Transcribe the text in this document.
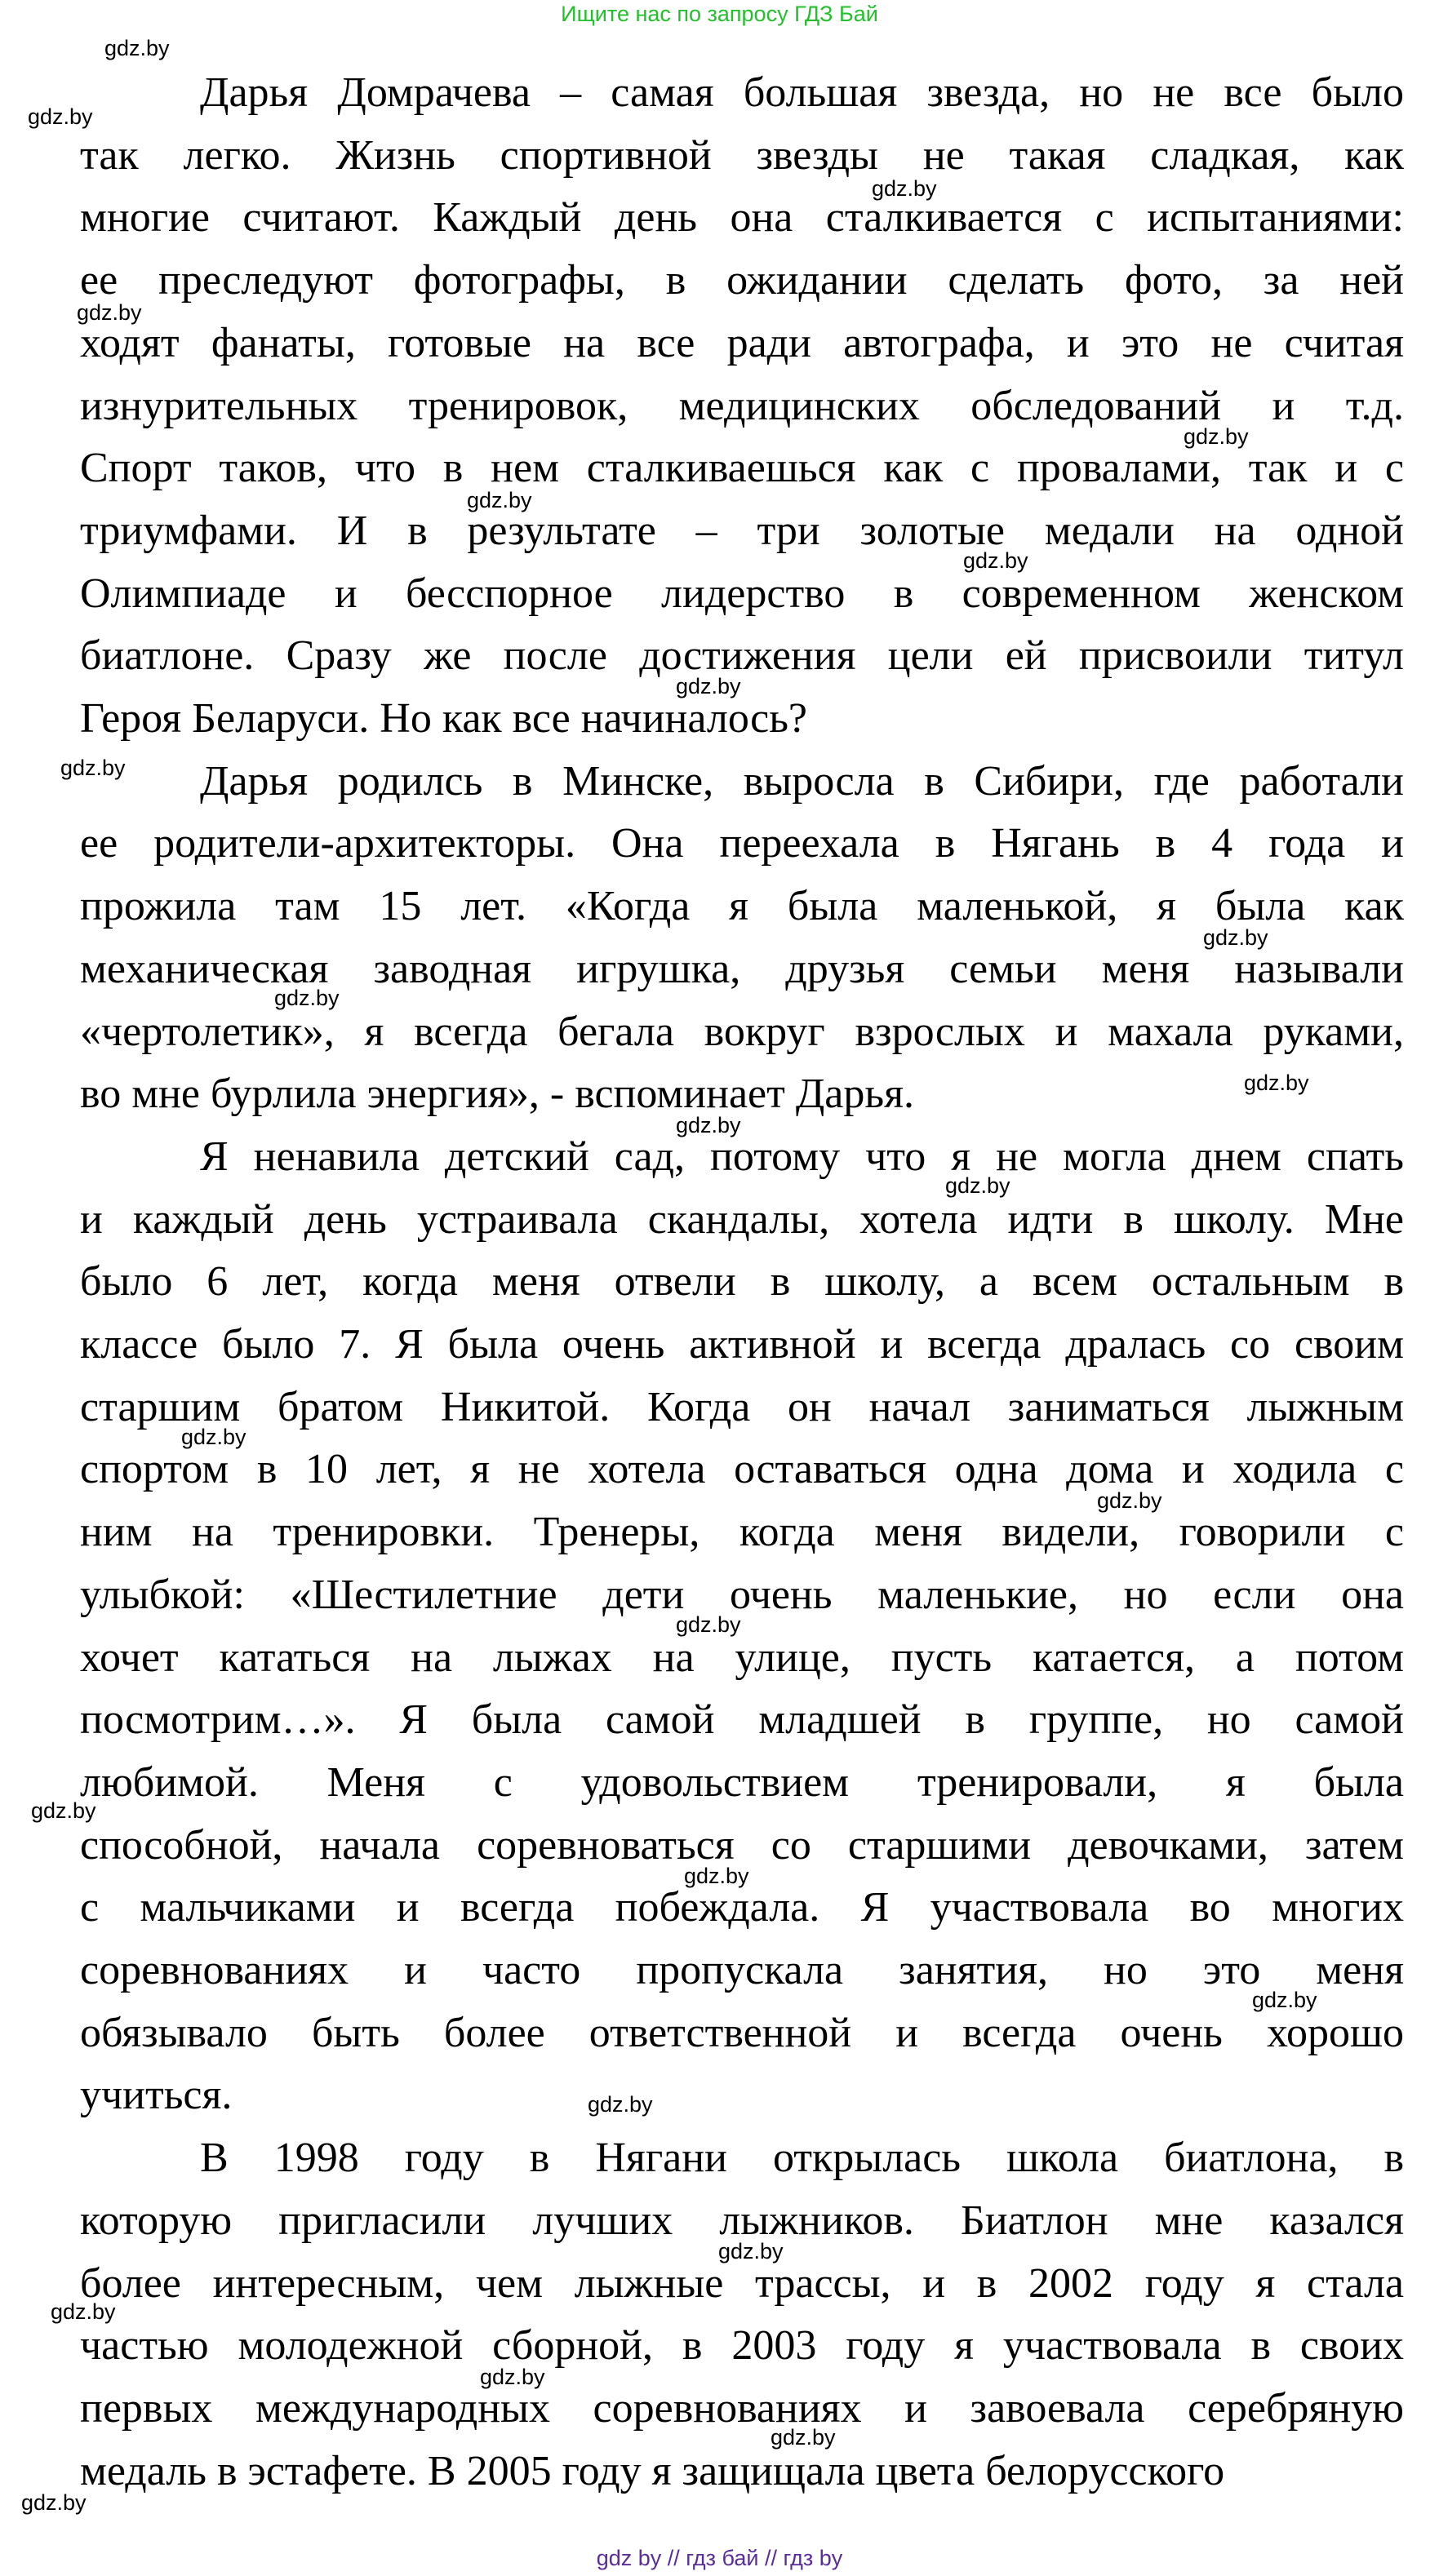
Ищите нас по запросу ГДЗ Бай
Дарья Домрачева – самая большая звезда, но не все было
так легко. Жизнь спортивной звезды не такая сладкая, как
многие считают. Каждый день она сталкивается с испытаниями:
ее преследуют фотографы, в ожидании сделать фото, за ней
ходят фанаты, готовые на все ради автографа, и это не считая
изнурительных тренировок, медицинских обследований и т.д.
Спорт таков, что в нем сталкиваешься как с провалами, так и с
триумфами. И в результате – три золотые медали на одной
Олимпиаде и бесспорное лидерство в современном женском
биатлоне. Сразу же после достижения цели ей присвоили титул
Героя Беларуси. Но как все начиналось?
Дарья родилсь в Минске, выросла в Сибири, где работали
ее родители-архитекторы. Она переехала в Нягань в 4 года и
прожила там 15 лет. «Когда я была маленькой, я была как
механическая заводная игрушка, друзья семьи меня называли
«чертолетик», я всегда бегала вокруг взрослых и махала руками,
во мне бурлила энергия», - вспоминает Дарья.
Я ненавила детский сад, потому что я не могла днем спать
и каждый день устраивала скандалы, хотела идти в школу. Мне
было 6 лет, когда меня отвели в школу, а всем остальным в
классе было 7. Я была очень активной и всегда дралась со своим
старшим братом Никитой. Когда он начал заниматься лыжным
спортом в 10 лет, я не хотела оставаться одна дома и ходила с
ним на тренировки. Тренеры, когда меня видели, говорили с
улыбкой: «Шестилетние дети очень маленькие, но если она
хочет кататься на лыжах на улице, пусть катается, а потом
посмотрим…». Я была самой младшей в группе, но самой
любимой. Меня с удовольствием тренировали, я была
способной, начала соревноваться со старшими девочками, затем
с мальчиками и всегда побеждала. Я участвовала во многих
соревнованиях и часто пропускала занятия, но это меня
обязывало быть более ответственной и всегда очень хорошо
учиться.
В 1998 году в Нягани открылась школа биатлона, в
которую пригласили лучших лыжников. Биатлон мне казался
более интересным, чем лыжные трассы, и в 2002 году я стала
частью молодежной сборной, в 2003 году я участвовала в своих
первых международных соревнованиях и завоевала серебряную
медаль в эстафете. В 2005 году я защищала цвета белорусского
gdz.by
gdz.by
gdz.by
gdz.by
gdz.by
gdz.by
gdz.by
gdz.by
gdz.by
gdz.by
gdz.by
gdz.by
gdz.by
gdz.by
gdz.by
gdz.by
gdz.by
gdz.by
gdz.by
gdz.by
gdz.by
gdz.by
gdz.by
gdz.by
gdz.by
gdz.by
gdz by // гдз бай // гдз by
